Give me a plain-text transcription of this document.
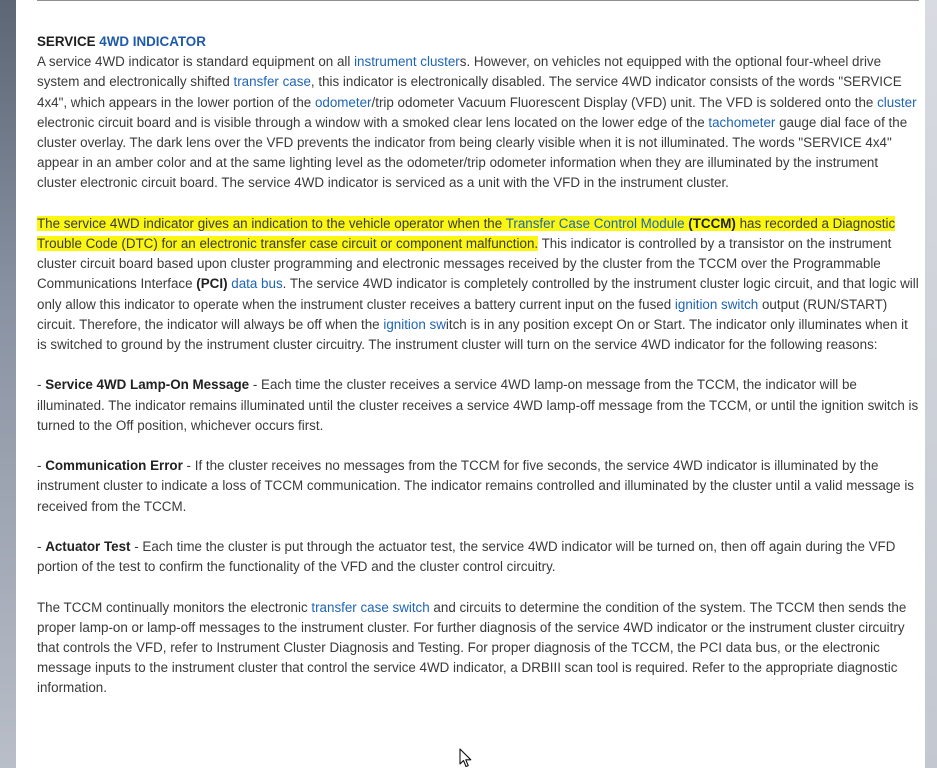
SERVICE 4WD INDICATOR

A service 4WD indicator is standard equipment on all instrument clusters. However, on vehicles not equipped with the optional four-wheel drive system and electronically shifted transfer case, this indicator is electronically disabled. The service 4WD indicator consists of the words "SERVICE 4x4", which appears in the lower portion of the odometer/trip odometer Vacuum Fluorescent Display (VFD) unit. The VFD is soldered onto the cluster electronic circuit board and is visible through a window with a smoked clear lens located on the lower edge of the tachometer gauge dial face of the cluster overlay. The dark lens over the VFD prevents the indicator from being clearly visible when it is not illuminated. The words "SERVICE 4x4" appear in an amber color and at the same lighting level as the odometer/trip odometer information when they are illuminated by the instrument cluster electronic circuit board. The service 4WD indicator is serviced as a unit with the VFD in the instrument cluster.

The service 4WD indicator gives an indication to the vehicle operator when the Transfer Case Control Module (TCCM) has recorded a Diagnostic Trouble Code (DTC) for an electronic transfer case circuit or component malfunction. This indicator is controlled by a transistor on the instrument cluster circuit board based upon cluster programming and electronic messages received by the cluster from the TCCM over the Programmable Communications Interface (PCI) data bus. The service 4WD indicator is completely controlled by the instrument cluster logic circuit, and that logic will only allow this indicator to operate when the instrument cluster receives a battery current input on the fused ignition switch output (RUN/START) circuit. Therefore, the indicator will always be off when the ignition switch is in any position except On or Start. The indicator only illuminates when it is switched to ground by the instrument cluster circuitry. The instrument cluster will turn on the service 4WD indicator for the following reasons:

- Service 4WD Lamp-On Message - Each time the cluster receives a service 4WD lamp-on message from the TCCM, the indicator will be illuminated. The indicator remains illuminated until the cluster receives a service 4WD lamp-off message from the TCCM, or until the ignition switch is turned to the Off position, whichever occurs first.

- Communication Error - If the cluster receives no messages from the TCCM for five seconds, the service 4WD indicator is illuminated by the instrument cluster to indicate a loss of TCCM communication. The indicator remains controlled and illuminated by the cluster until a valid message is received from the TCCM.

- Actuator Test - Each time the cluster is put through the actuator test, the service 4WD indicator will be turned on, then off again during the VFD portion of the test to confirm the functionality of the VFD and the cluster control circuitry.

The TCCM continually monitors the electronic transfer case switch and circuits to determine the condition of the system. The TCCM then sends the proper lamp-on or lamp-off messages to the instrument cluster. For further diagnosis of the service 4WD indicator or the instrument cluster circuitry that controls the VFD, refer to Instrument Cluster Diagnosis and Testing. For proper diagnosis of the TCCM, the PCI data bus, or the electronic message inputs to the instrument cluster that control the service 4WD indicator, a DRBIII scan tool is required. Refer to the appropriate diagnostic information.
